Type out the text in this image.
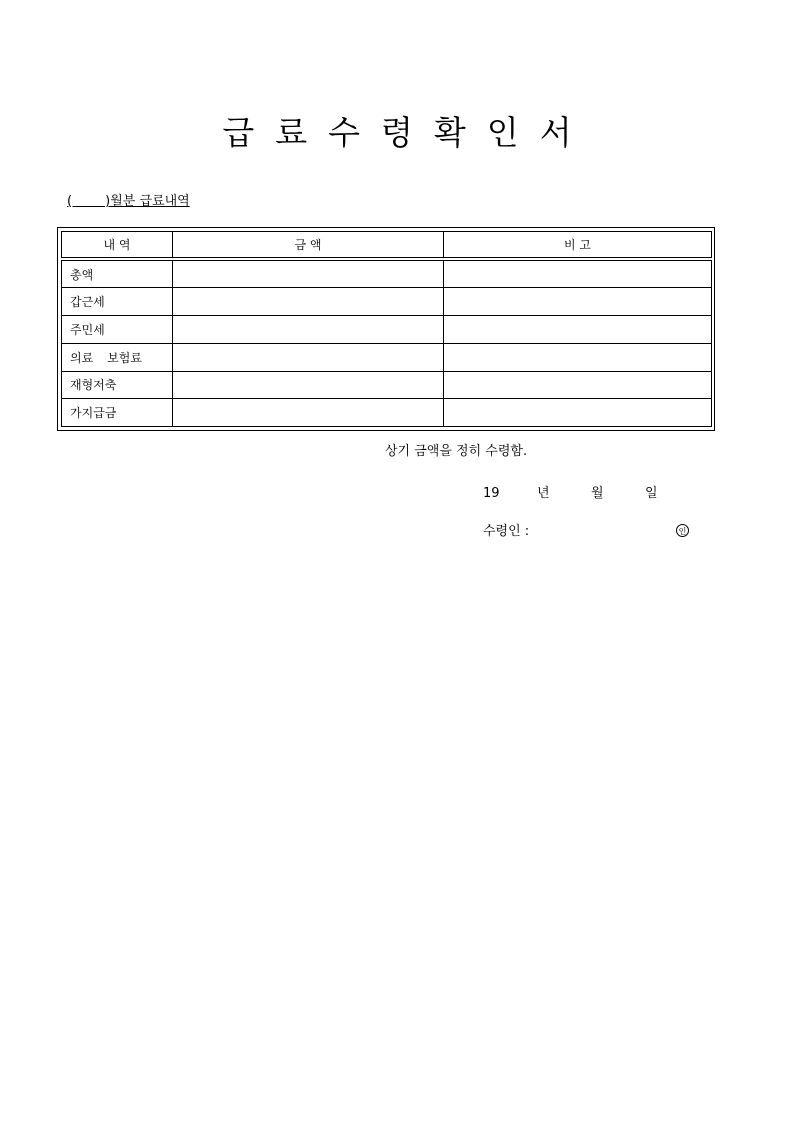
급료수령확인서
(        )월분 급료내역
내 역	금 액	비 고

총액		
갑근세		
주민세		
의료 보험료		
재형저축		
가지급금		
상기 금액을 정히 수령함.
19	년	월	일
수령인 :	인
